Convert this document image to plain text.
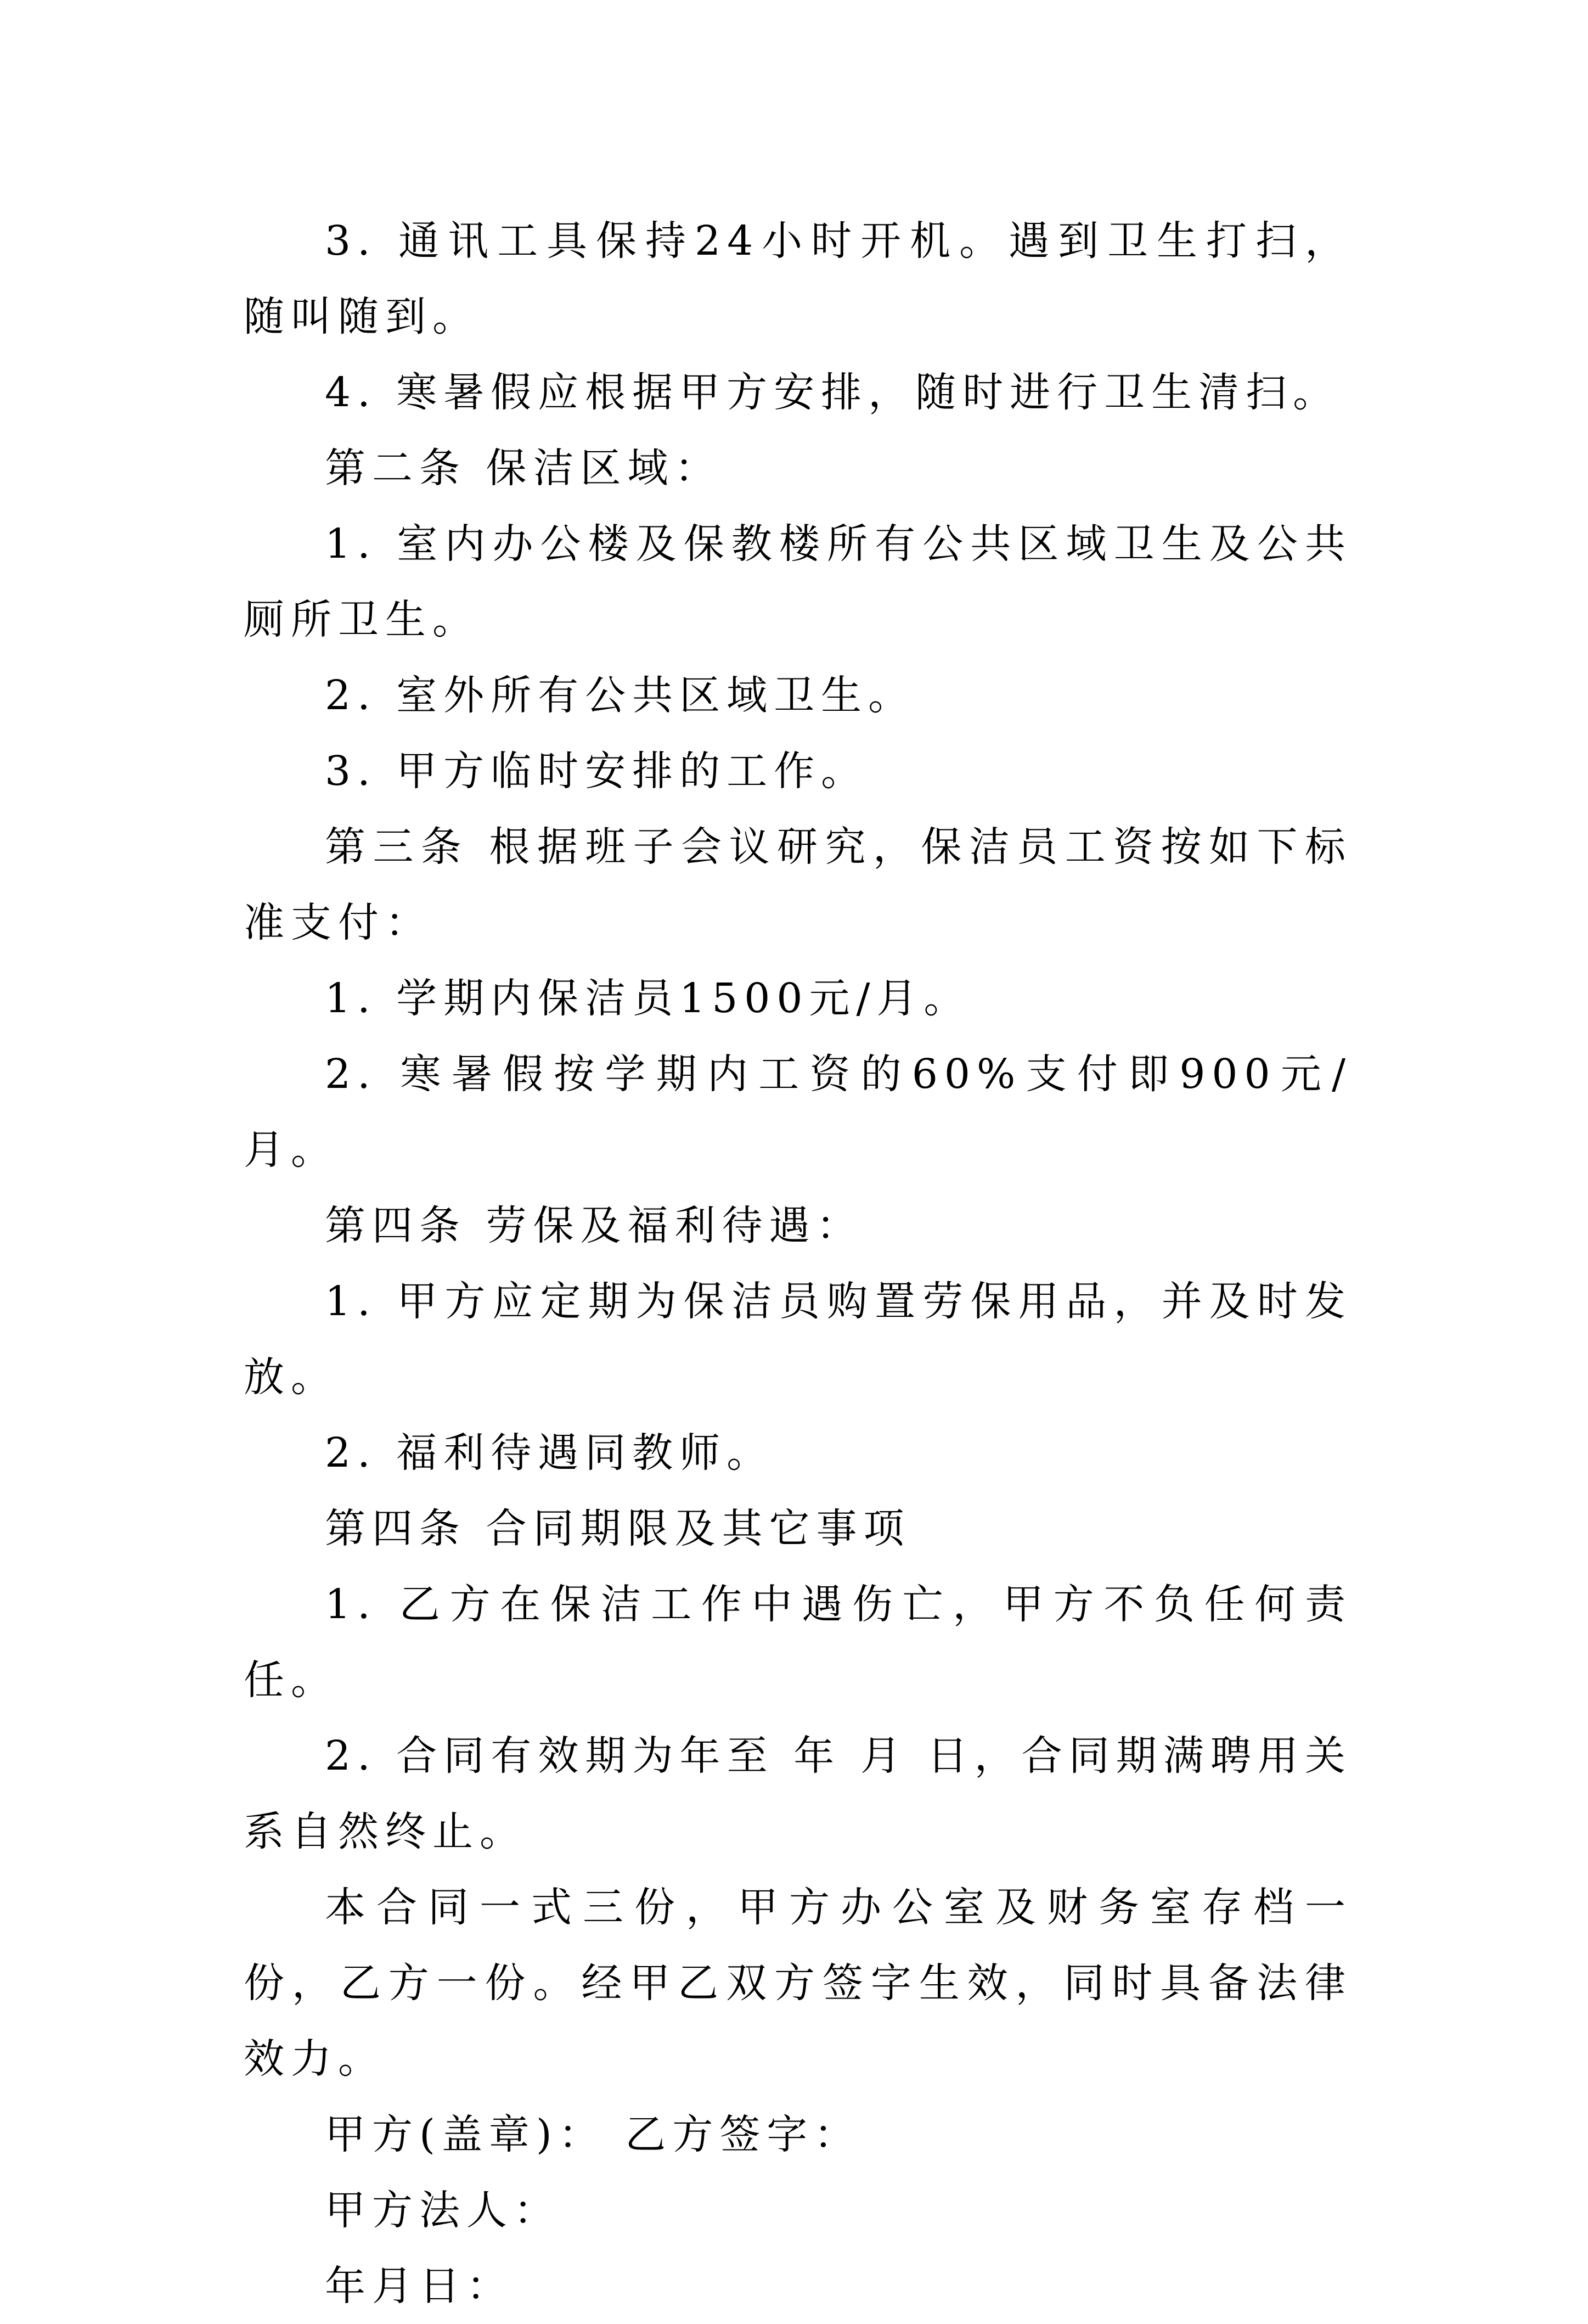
3. 通讯工具保持24小时开机。遇到卫生打扫，随叫随到。

4. 寒暑假应根据甲方安排，随时进行卫生清扫。

第二条 保洁区域：

1. 室内办公楼及保教楼所有公共区域卫生及公共厕所卫生。

2. 室外所有公共区域卫生。

3. 甲方临时安排的工作。

第三条 根据班子会议研究，保洁员工资按如下标准支付：

1. 学期内保洁员1500元/月。

2. 寒暑假按学期内工资的60%支付即900元/月。

第四条 劳保及福利待遇：

1. 甲方应定期为保洁员购置劳保用品，并及时发放。

2. 福利待遇同教师。

第四条 合同期限及其它事项

1. 乙方在保洁工作中遇伤亡，甲方不负任何责任。

2. 合同有效期为年至 年 月 日，合同期满聘用关系自然终止。

本合同一式三份，甲方办公室及财务室存档一份，乙方一份。经甲乙双方签字生效，同时具备法律效力。

甲方(盖章)： 乙方签字：

甲方法人：

年月日：
